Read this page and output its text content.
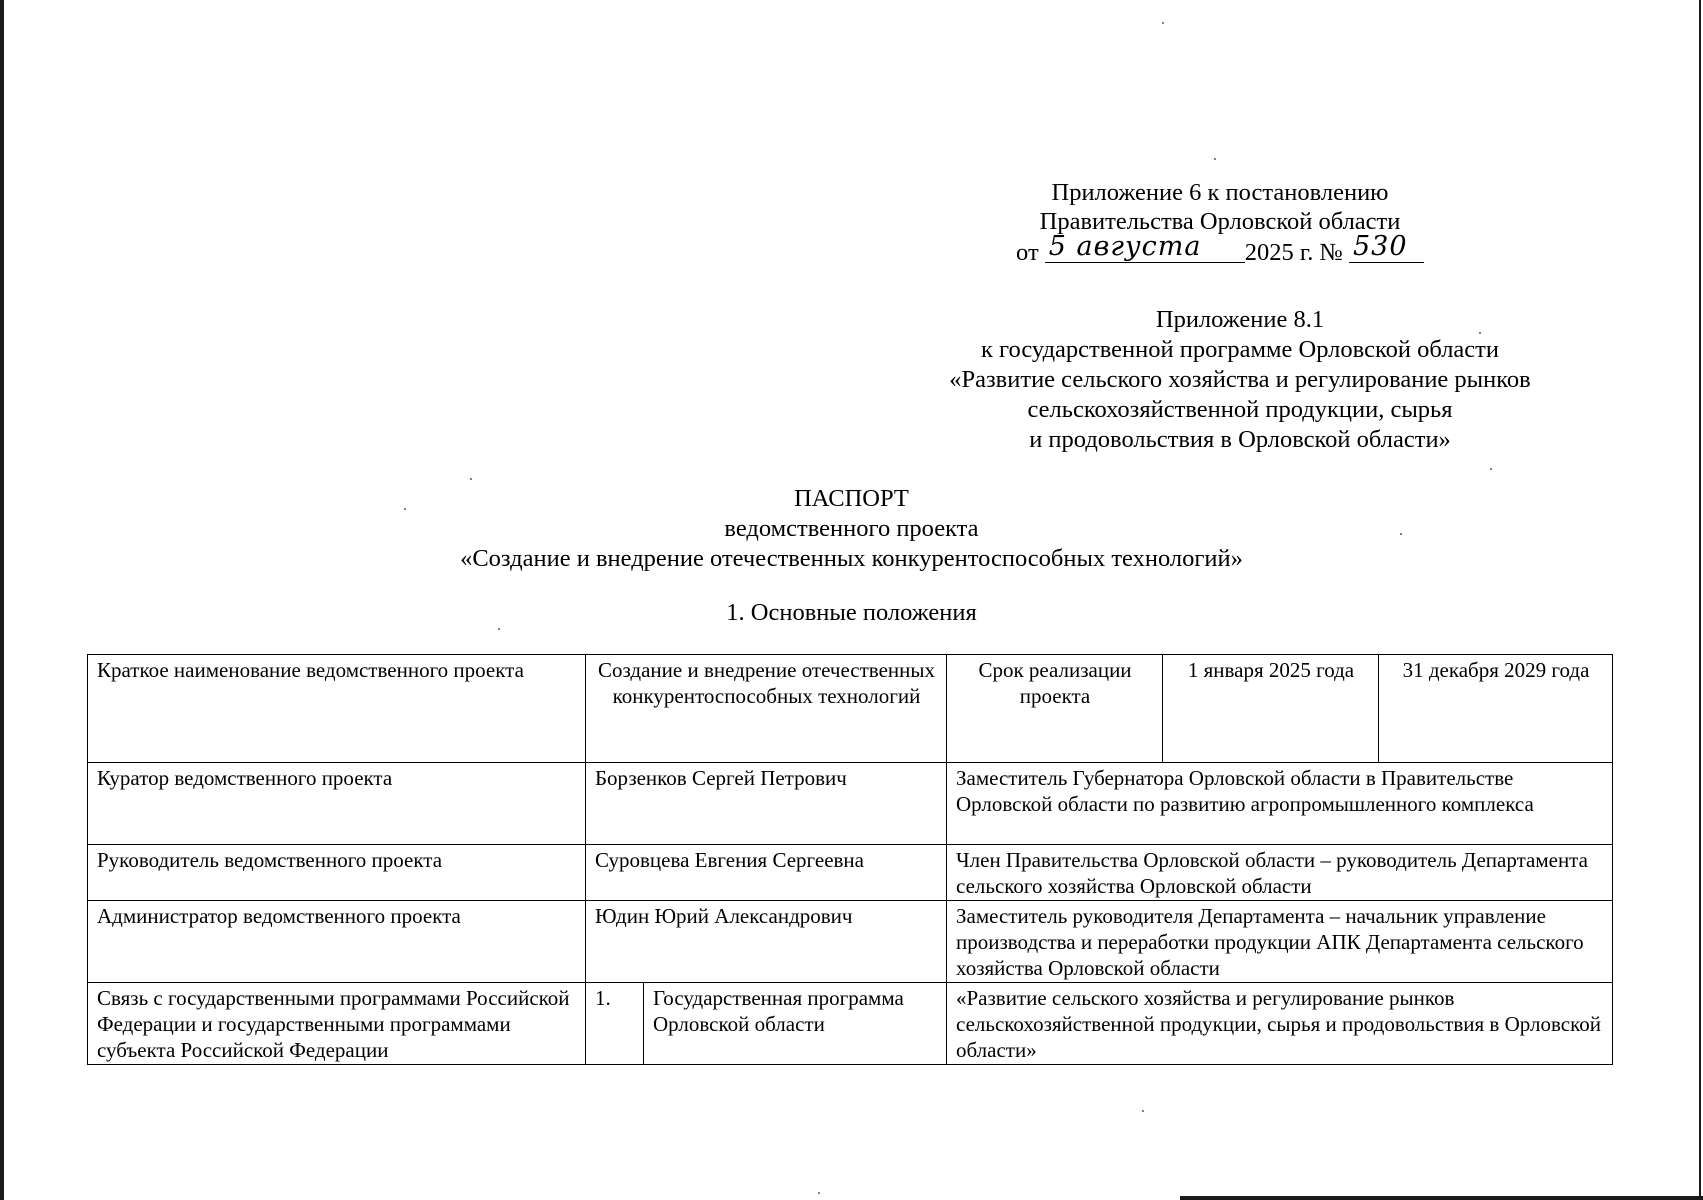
Приложение 6 к постановлению
Правительства Орловской области
от 5 августа 2025 г. № 530
Приложение 8.1
к государственной программе Орловской области
«Развитие сельского хозяйства и регулирование рынков
сельскохозяйственной продукции, сырья
и продовольствия в Орловской области»
ПАСПОРТ
ведомственного проекта
«Создание и внедрение отечественных конкурентоспособных технологий»
1. Основные положения
Краткое наименование ведомственного проекта	Создание и внедрение отечественных конкурентоспособных технологий		Срок реализации проекта	1 января 2025 года	31 декабря 2029 года
Куратор ведомственного проекта	Борзенков Сергей Петрович		Заместитель Губернатора Орловской области в Правительстве Орловской области по развитию агропромышленного комплекса		
Руководитель ведомственного проекта	Суровцева Евгения Сергеевна		Член Правительства Орловской области – руководитель Департамента сельского хозяйства Орловской области		
Администратор ведомственного проекта	Юдин Юрий Александрович		Заместитель руководителя Департамента – начальник управление производства и переработки продукции АПК Департамента сельского хозяйства Орловской области		
Связь с государственными программами Российской Федерации и государственными программами субъекта Российской Федерации	1.	Государственная программа Орловской области	«Развитие сельского хозяйства и регулирование рынков сельскохозяйственной продукции, сырья и продовольствия в Орловской области»		
